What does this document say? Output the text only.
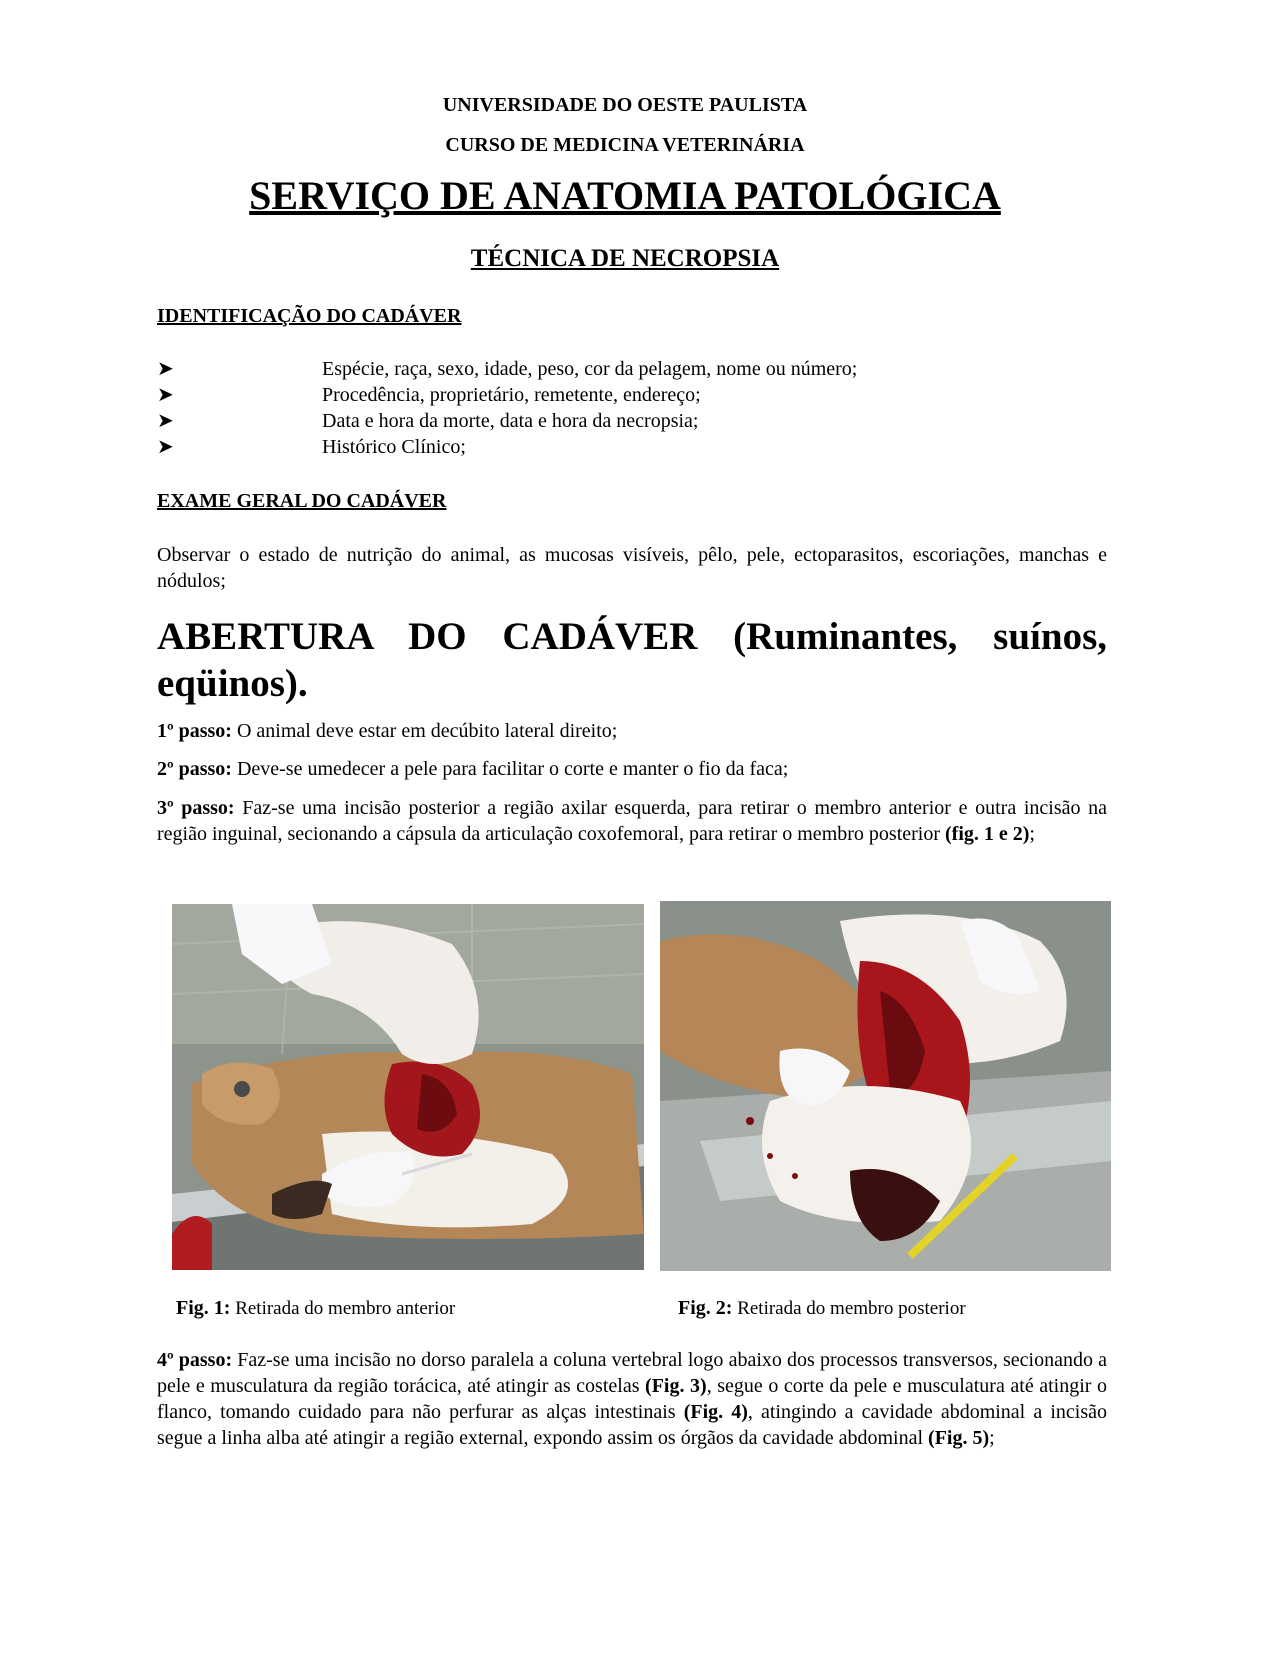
UNIVERSIDADE DO OESTE PAULISTA
CURSO DE MEDICINA VETERINÁRIA
SERVIÇO DE ANATOMIA PATOLÓGICA
TÉCNICA DE NECROPSIA
IDENTIFICAÇÃO DO CADÁVER
➤	Espécie, raça, sexo, idade, peso, cor da pelagem, nome ou número;
➤	Procedência, proprietário, remetente, endereço;
➤	Data e hora da morte, data e hora da necropsia;
➤	Histórico Clínico;
EXAME GERAL DO CADÁVER
Observar o estado de nutrição do animal, as mucosas visíveis, pêlo, pele, ectoparasitos, escoriações, manchas e nódulos;
ABERTURA DO CADÁVER (Ruminantes, suínos, eqüinos).
1º passo: O animal deve estar em decúbito lateral direito;
2º passo: Deve-se umedecer a pele para facilitar o corte e manter o fio da faca;
3º passo: Faz-se uma incisão posterior a região axilar esquerda, para retirar o membro anterior e outra incisão na região inguinal, secionando a cápsula da articulação coxofemoral, para retirar o membro posterior (fig. 1 e 2);
Fig. 1: Retirada do membro anterior	Fig. 2: Retirada do membro posterior
4º passo: Faz-se uma incisão no dorso paralela a coluna vertebral logo abaixo dos processos transversos, secionando a pele e musculatura da região torácica, até atingir as costelas (Fig. 3), segue o corte da pele e musculatura até atingir o flanco, tomando cuidado para não perfurar as alças intestinais (Fig. 4), atingindo a cavidade abdominal a incisão segue a linha alba até atingir a região external, expondo assim os órgãos da cavidade abdominal (Fig. 5);
